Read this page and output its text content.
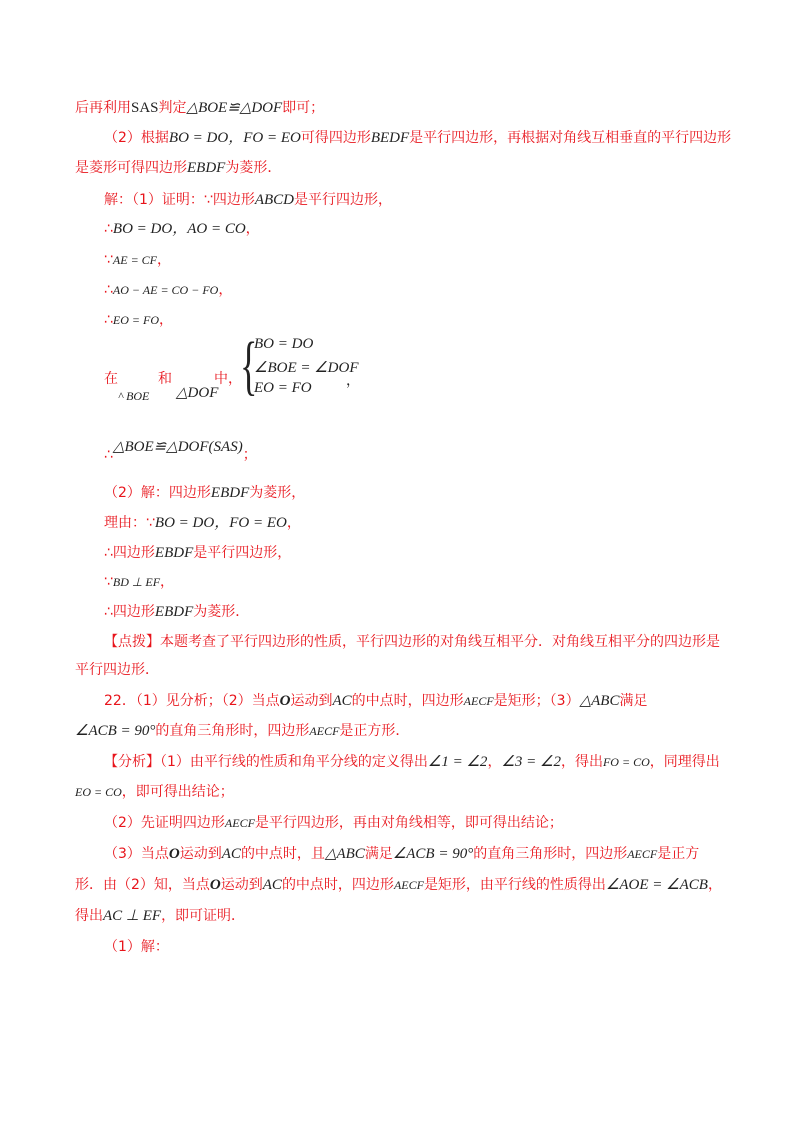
后再利用SAS判定△BOE≌△DOF即可；
（2）根据BO = DO，FO = EO可得四边形BEDF是平行四边形，再根据对角线互相垂直的平行四边形
是菱形可得四边形EBDF为菱形．
解：（1）证明：∵四边形ABCD是平行四边形，
∴BO = DO，AO = CO，
∵AE = CF，
∴AO − AE = CO − FO，
∴EO = FO，
在
^ BOE
和
△DOF
中，
{
BO = DO
∠BOE = ∠DOF
EO = FO ，
∴△BOE≌△DOF(SAS)；
（2）解：四边形EBDF为菱形，
理由：∵BO = DO，FO = EO，
∴四边形EBDF是平行四边形，
∵BD ⊥ EF，
∴四边形EBDF为菱形．
【点拨】本题考查了平行四边形的性质，平行四边形的对角线互相平分．对角线互相平分的四边形是
平行四边形．
22．（1）见分析；（2）当点O运动到AC的中点时，四边形AECF是矩形；（3）△ABC满足
∠ACB = 90°的直角三角形时，四边形AECF是正方形．
【分析】（1）由平行线的性质和角平分线的定义得出∠1 = ∠2，∠3 = ∠2，得出FO = CO，同理得出
EO = CO，即可得出结论；
（2）先证明四边形AECF是平行四边形，再由对角线相等，即可得出结论；
（3）当点O运动到AC的中点时，且△ABC满足∠ACB = 90°的直角三角形时，四边形AECF是正方
形．由（2）知，当点O运动到AC的中点时，四边形AECF是矩形，由平行线的性质得出∠AOE = ∠ACB，
得出AC ⊥ EF，即可证明．
（1）解：
